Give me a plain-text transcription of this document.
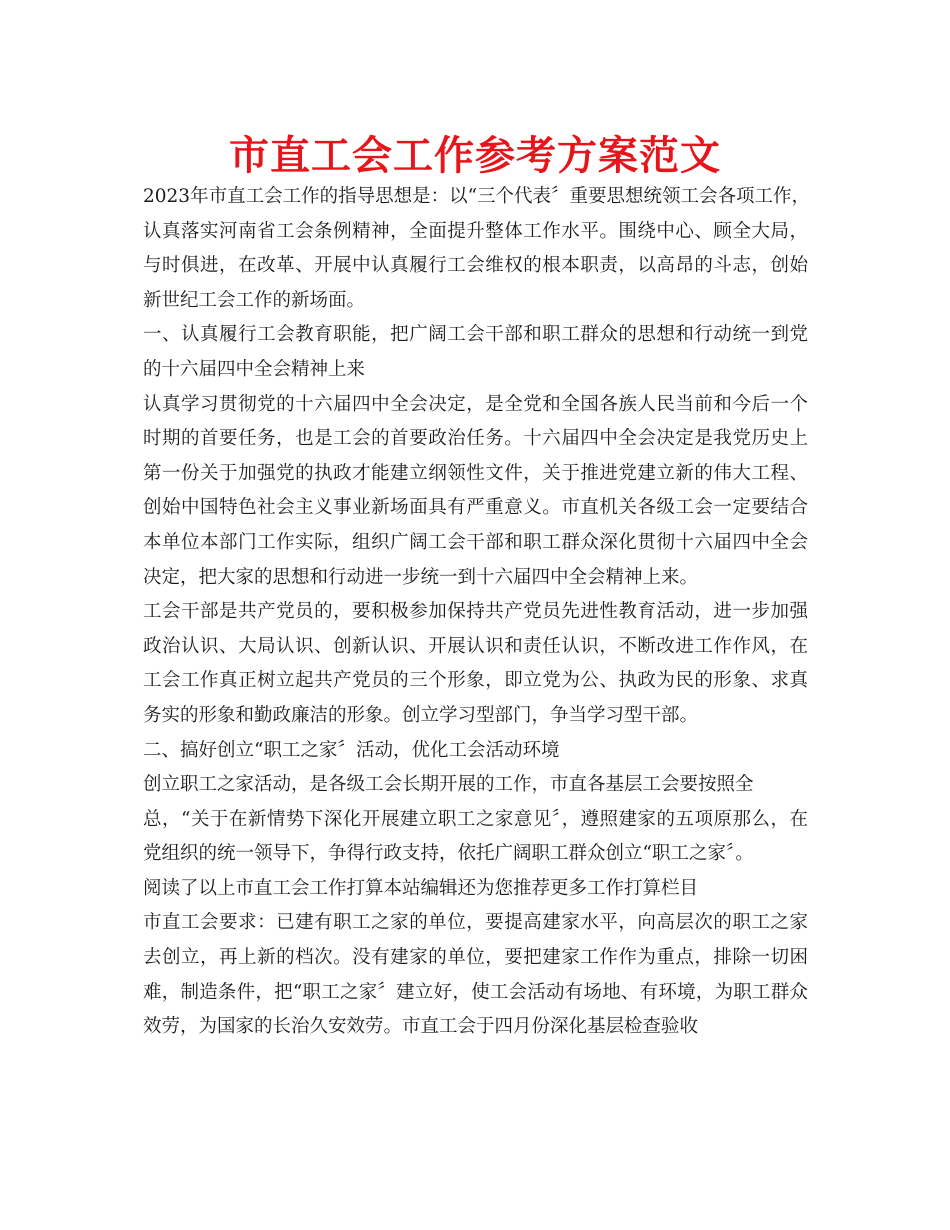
市直工会工作参考方案范文

2023年市直工会工作的指导思想是：以“三个代表〞重要思想统领工会各项工作，

认真落实河南省工会条例精神，全面提升整体工作水平。围绕中心、顾全大局，

与时俱进，在改革、开展中认真履行工会维权的根本职责，以高昂的斗志，创始

新世纪工会工作的新场面。

一、认真履行工会教育职能，把广阔工会干部和职工群众的思想和行动统一到党

的十六届四中全会精神上来

认真学习贯彻党的十六届四中全会决定，是全党和全国各族人民当前和今后一个

时期的首要任务，也是工会的首要政治任务。十六届四中全会决定是我党历史上

第一份关于加强党的执政才能建立纲领性文件，关于推进党建立新的伟大工程、

创始中国特色社会主义事业新场面具有严重意义。市直机关各级工会一定要结合

本单位本部门工作实际，组织广阔工会干部和职工群众深化贯彻十六届四中全会

决定，把大家的思想和行动进一步统一到十六届四中全会精神上来。

工会干部是共产党员的，要积极参加保持共产党员先进性教育活动，进一步加强

政治认识、大局认识、创新认识、开展认识和责任认识，不断改进工作作风，在

工会工作真正树立起共产党员的三个形象，即立党为公、执政为民的形象、求真

务实的形象和勤政廉洁的形象。创立学习型部门，争当学习型干部。

二、搞好创立“职工之家〞活动，优化工会活动环境

创立职工之家活动，是各级工会长期开展的工作，市直各基层工会要按照全

总，“关于在新情势下深化开展建立职工之家意见〞，遵照建家的五项原那么，在

党组织的统一领导下，争得行政支持，依托广阔职工群众创立“职工之家〞。

阅读了以上市直工会工作打算本站编辑还为您推荐更多工作打算栏目

市直工会要求：已建有职工之家的单位，要提高建家水平，向高层次的职工之家

去创立，再上新的档次。没有建家的单位，要把建家工作作为重点，排除一切困

难，制造条件，把“职工之家〞建立好，使工会活动有场地、有环境，为职工群众

效劳，为国家的长治久安效劳。市直工会于四月份深化基层检查验收
